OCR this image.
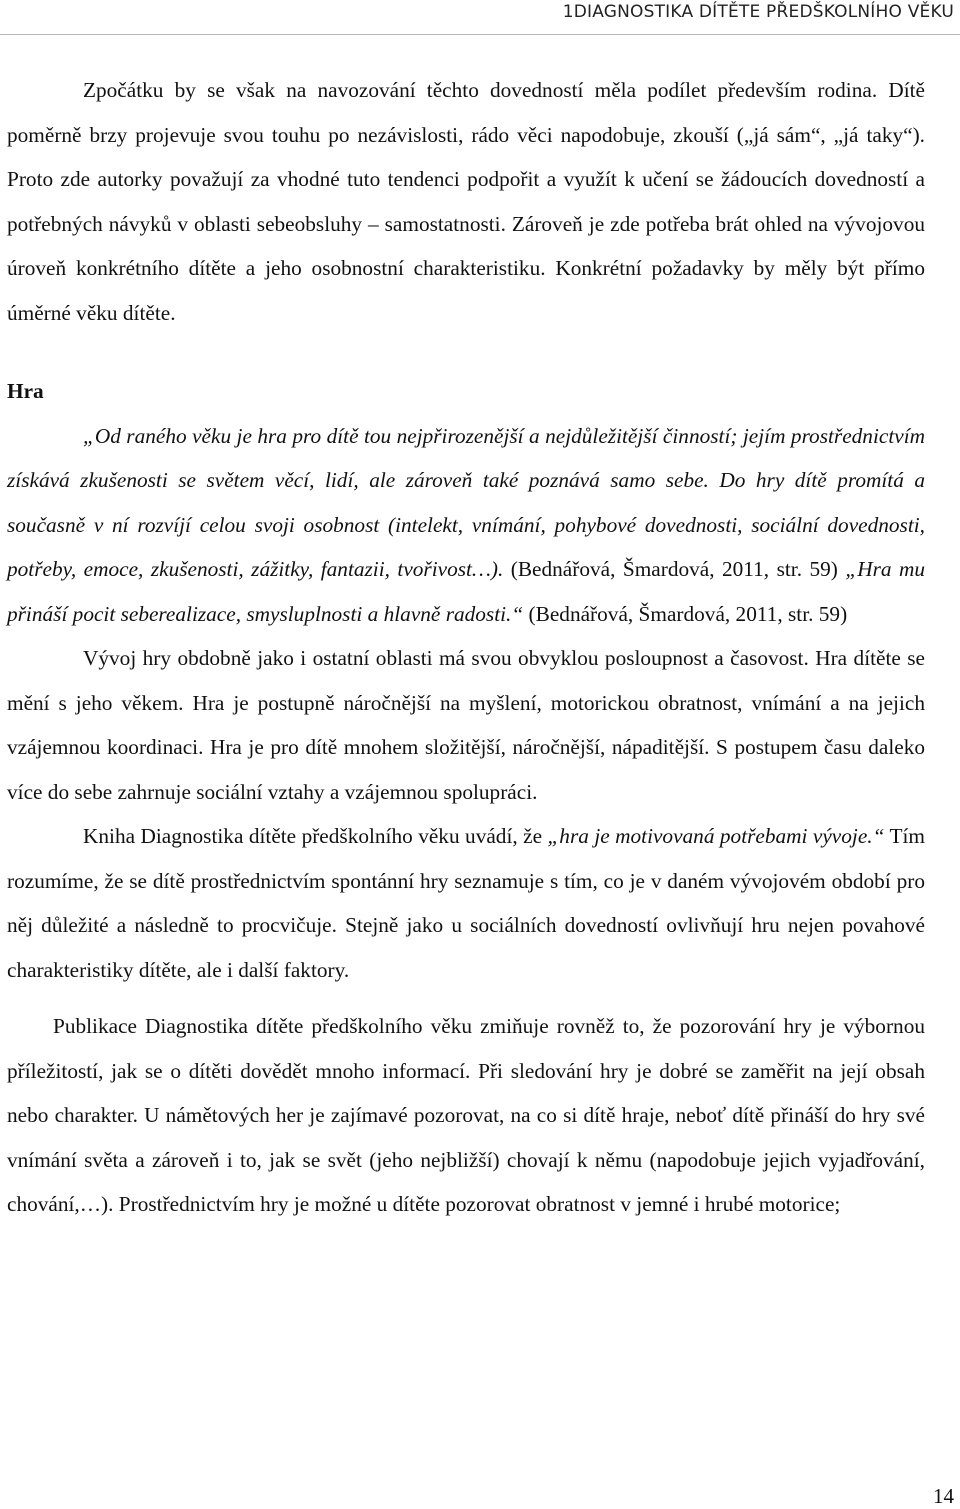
1DIAGNOSTIKA DÍTĚTE PŘEDŠKOLNÍHO VĚKU

Zpočátku by se však na navozování těchto dovedností měla podílet především rodina. Dítě poměrně brzy projevuje svou touhu po nezávislosti, rádo věci napodobuje, zkouší („já sám“, „já taky“). Proto zde autorky považují za vhodné tuto tendenci podpořit a využít k učení se žádoucích dovedností a potřebných návyků v oblasti sebeobsluhy – samostatnosti. Zároveň je zde potřeba brát ohled na vývojovou úroveň konkrétního dítěte a jeho osobnostní charakteristiku. Konkrétní požadavky by měly být přímo úměrné věku dítěte.

Hra

„Od raného věku je hra pro dítě tou nejpřirozenější a nejdůležitější činností; jejím prostřednictvím získává zkušenosti se světem věcí, lidí, ale zároveň také poznává samo sebe. Do hry dítě promítá a současně v ní rozvíjí celou svoji osobnost (intelekt, vnímání, pohybové dovednosti, sociální dovednosti, potřeby, emoce, zkušenosti, zážitky, fantazii, tvořivost…). (Bednářová, Šmardová, 2011, str. 59) „Hra mu přináší pocit seberealizace, smysluplnosti a hlavně radosti.“ (Bednářová, Šmardová, 2011, str. 59)

Vývoj hry obdobně jako i ostatní oblasti má svou obvyklou posloupnost a časovost. Hra dítěte se mění s jeho věkem. Hra je postupně náročnější na myšlení, motorickou obratnost, vnímání a na jejich vzájemnou koordinaci. Hra je pro dítě mnohem složitější, náročnější, nápaditější. S postupem času daleko více do sebe zahrnuje sociální vztahy a vzájemnou spolupráci.

Kniha Diagnostika dítěte předškolního věku uvádí, že „hra je motivovaná potřebami vývoje.“ Tím rozumíme, že se dítě prostřednictvím spontánní hry seznamuje s tím, co je v daném vývojovém období pro něj důležité a následně to procvičuje. Stejně jako u sociálních dovedností ovlivňují hru nejen povahové charakteristiky dítěte, ale i další faktory.

Publikace Diagnostika dítěte předškolního věku zmiňuje rovněž to, že pozorování hry je výbornou příležitostí, jak se o dítěti dovědět mnoho informací. Při sledování hry je dobré se zaměřit na její obsah nebo charakter. U námětových her je zajímavé pozorovat, na co si dítě hraje, neboť dítě přináší do hry své vnímání světa a zároveň i to, jak se svět (jeho nejbližší) chovají k němu (napodobuje jejich vyjadřování, chování,…). Prostřednictvím hry je možné u dítěte pozorovat obratnost v jemné i hrubé motorice;

14
